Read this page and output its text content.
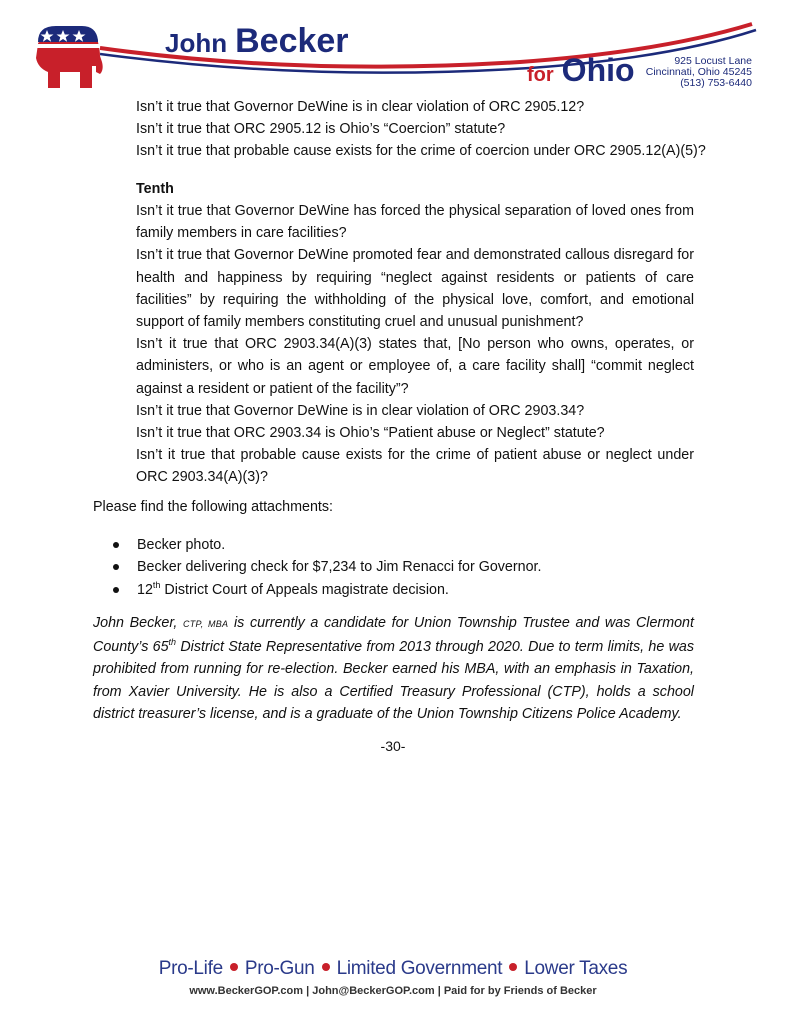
John Becker
for Ohio	925 Locust Lane
Cincinnati, Ohio 45245
(513) 753-6440

Isn’t it true that Governor DeWine is in clear violation of ORC 2905.12?

Isn’t it true that ORC 2905.12 is Ohio’s “Coercion” statute?

Isn’t it true that probable cause exists for the crime of coercion under ORC 2905.12(A)(5)?

Tenth

Isn’t it true that Governor DeWine has forced the physical separation of loved ones from family members in care facilities?

Isn’t it true that Governor DeWine promoted fear and demonstrated callous disregard for health and happiness by requiring “neglect against residents or patients of care facilities” by requiring the withholding of the physical love, comfort, and emotional support of family members constituting cruel and unusual punishment?

Isn’t it true that ORC 2903.34(A)(3) states that, [No person who owns, operates, or administers, or who is an agent or employee of, a care facility shall] “commit neglect against a resident or patient of the facility”?

Isn’t it true that Governor DeWine is in clear violation of ORC 2903.34?

Isn’t it true that ORC 2903.34 is Ohio’s “Patient abuse or Neglect” statute?

Isn’t it true that probable cause exists for the crime of patient abuse or neglect under ORC 2903.34(A)(3)?

Please find the following attachments:

Becker photo.
Becker delivering check for $7,234 to Jim Renacci for Governor.
12th District Court of Appeals magistrate decision.

John Becker, CTP, MBA is currently a candidate for Union Township Trustee and was Clermont County’s 65th District State Representative from 2013 through 2020. Due to term limits, he was prohibited from running for re-election. Becker earned his MBA, with an emphasis in Taxation, from Xavier University. He is also a Certified Treasury Professional (CTP), holds a school district treasurer’s license, and is a graduate of the Union Township Citizens Police Academy.

-30-
Pro-Life Pro-Gun Limited Government Lower Taxes
www.BeckerGOP.com | John@BeckerGOP.com | Paid for by Friends of Becker
